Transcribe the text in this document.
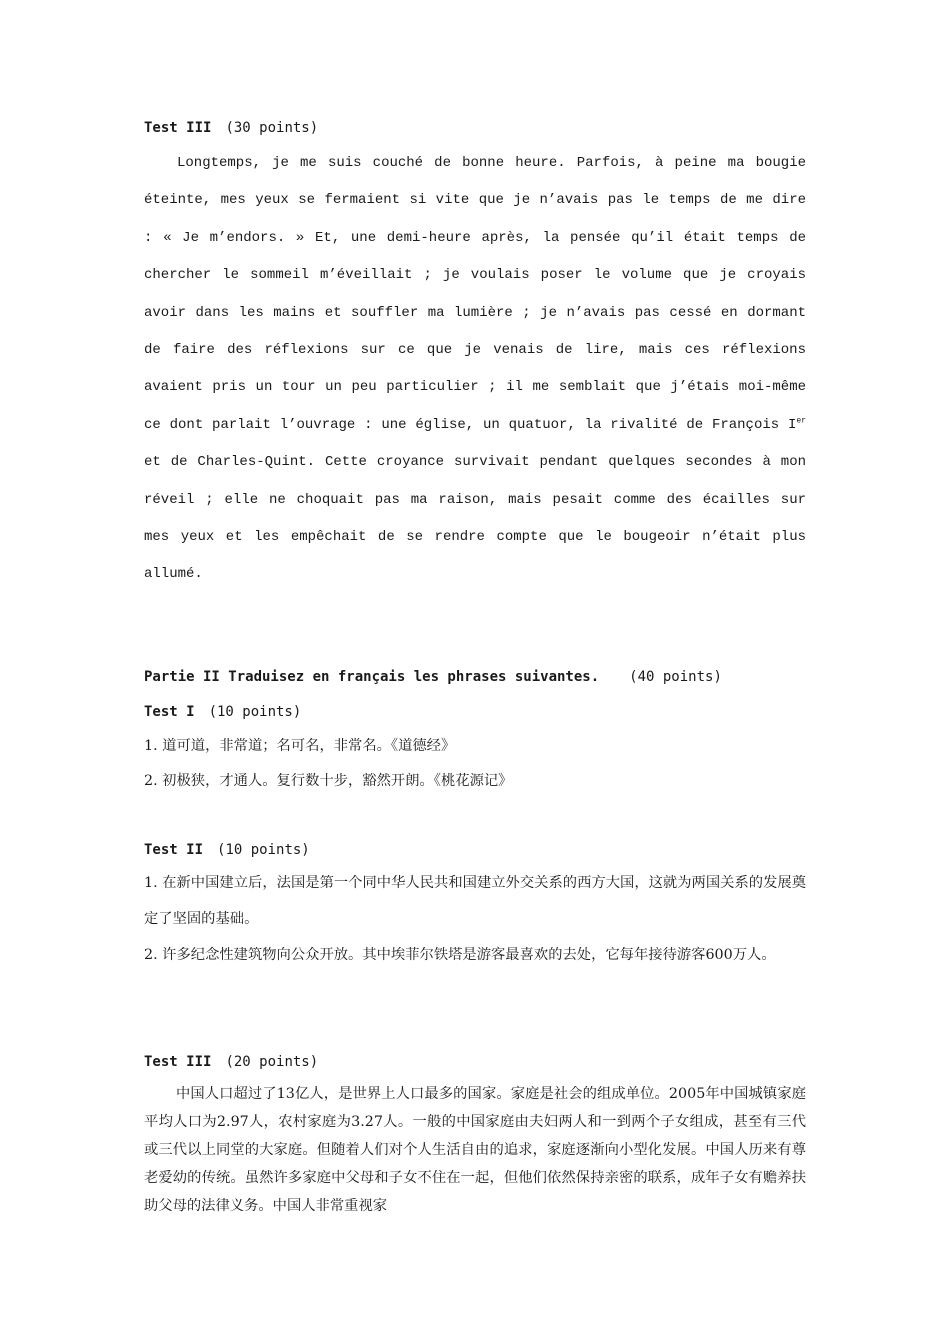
Test III (30 points)

Longtemps, je me suis couché de bonne heure. Parfois, à peine ma bougie éteinte, mes yeux se fermaient si vite que je n’avais pas le temps de me dire : « Je m’endors. » Et, une demi-heure après, la pensée qu’il était temps de chercher le sommeil m’éveillait ; je voulais poser le volume que je croyais avoir dans les mains et souffler ma lumière ; je n’avais pas cessé en dormant de faire des réflexions sur ce que je venais de lire, mais ces réflexions avaient pris un tour un peu particulier ; il me semblait que j’étais moi-même ce dont parlait l’ouvrage : une église, un quatuor, la rivalité de François Ier et de Charles-Quint. Cette croyance survivait pendant quelques secondes à mon réveil ; elle ne choquait pas ma raison, mais pesait comme des écailles sur mes yeux et les empêchait de se rendre compte que le bougeoir n’était plus allumé.

Partie II Traduisez en français les phrases suivantes. (40 points)
Test I (10 points)

1. 道可道，非常道；名可名，非常名。《道德经》

2. 初极狭，才通人。复行数十步，豁然开朗。《桃花源记》

Test II (10 points)

1. 在新中国建立后，法国是第一个同中华人民共和国建立外交关系的西方大国，这就为两国关系的发展奠定了坚固的基础。

2. 许多纪念性建筑物向公众开放。其中埃菲尔铁塔是游客最喜欢的去处，它每年接待游客600万人。

Test III (20 points)

中国人口超过了13亿人，是世界上人口最多的国家。家庭是社会的组成单位。2005年中国城镇家庭平均人口为2.97人，农村家庭为3.27人。一般的中国家庭由夫妇两人和一到两个子女组成，甚至有三代或三代以上同堂的大家庭。但随着人们对个人生活自由的追求，家庭逐渐向小型化发展。中国人历来有尊老爱幼的传统。虽然许多家庭中父母和子女不住在一起，但他们依然保持亲密的联系，成年子女有赡养扶助父母的法律义务。中国人非常重视家
